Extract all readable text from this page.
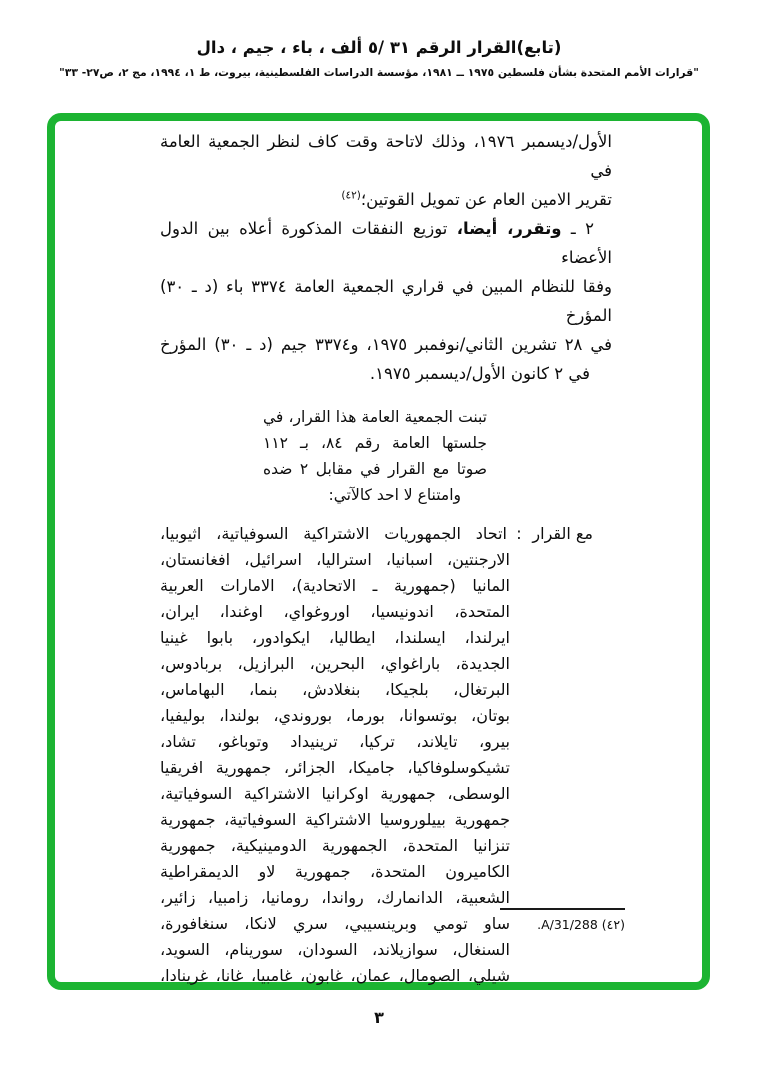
(تابع)القرار الرقم ٣١ /٥ ألف ، باء ، جيم ، دال
"قرارات الأمم المتحدة بشأن فلسطين ١٩٧٥ ــ ١٩٨١، مؤسسة الدراسات الفلسطينية، بيروت، ط ١، ١٩٩٤، مج ٢، ص٢٧- ٣٣"
الأول/ديسمبر ١٩٧٦، وذلك لاتاحة وقت كاف لنظر الجمعية العامة في
تقرير الامين العام عن تمويل القوتين؛$^{(٤٢)}$
٢ ـ وتقرر، أيضا، توزيع النفقات المذكورة أعلاه بين الدول الأعضاء
وفقا للنظام المبين في قراري الجمعية العامة ٣٣٧٤ باء (د ـ ٣٠) المؤرخ
في ٢٨ تشرين الثاني/نوفمبر ١٩٧٥، و٣٣٧٤ جيم (د ـ ٣٠) المؤرخ
في ٢ كانون الأول/ديسمبر ١٩٧٥.
تبنت الجمعية العامة هذا القرار، في
جلستها العامة رقم ٨٤، بـ ١١٢
صوتا مع القرار في مقابل ٢ ضده
وامتناع لا احد كالآتي:
مع القرار
:
اتحاد الجمهوريات الاشتراكية السوفياتية، اثيوبيا،
الارجنتين، اسبانيا، استراليا، اسرائيل، افغانستان،
المانيا (جمهورية ـ الاتحادية)، الامارات العربية
المتحدة، اندونيسيا، اوروغواي، اوغندا، ايران،
ايرلندا، ايسلندا، ايطاليا، ايكوادور، بابوا غينيا
الجديدة، باراغواي، البحرين، البرازيل، بربادوس،
البرتغال، بلجيكا، بنغلادش، بنما، البهاماس،
بوتان، بوتسوانا، بورما، بوروندي، بولندا، بوليفيا،
بيرو، تايلاند، تركيا، ترينيداد وتوباغو، تشاد،
تشيكوسلوفاكيا، جاميكا، الجزائر، جمهورية افريقيا
الوسطى، جمهورية اوكرانيا الاشتراكية السوفياتية،
جمهورية بييلوروسيا الاشتراكية السوفياتية، جمهورية
تنزانيا المتحدة، الجمهورية الدومينيكية، جمهورية
الكاميرون المتحدة، جمهورية لاو الديمقراطية
الشعبية، الدانمارك، رواندا، رومانيا، زامبيا، زائير،
ساو تومي وبرينسيبي، سري لانكا، سنغافورة،
السنغال، سوازيلاند، السودان، سورينام، السويد،
شيلي، الصومال، عمان، غابون، غامبيا، غانا، غرينادا،
(٤٢) A/31/288.
٣
